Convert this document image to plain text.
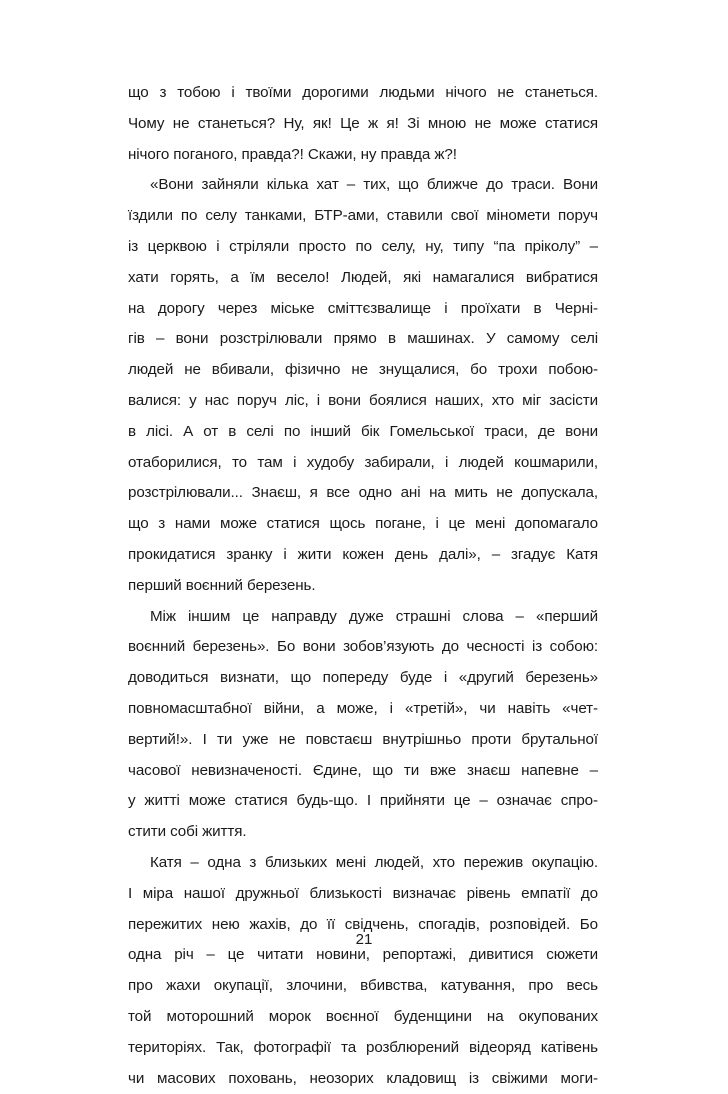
що з тобою і твоїми дорогими людьми нічого не станеться.
Чому не станеться? Ну, як! Це ж я! Зі мною не може статися
нічого поганого, правда?! Скажи, ну правда ж?!
«Вони зайняли кілька хат – тих, що ближче до траси. Вони
їздили по селу танками, БТР-ами, ставили свої міномети поруч
із церквою і стріляли просто по селу, ну, типу “па пріколу” –
хати горять, а їм весело! Людей, які намагалися вибратися
на дорогу через міське сміттєзвалище і проїхати в Черні-
гів – вони розстрілювали прямо в машинах. У самому селі
людей не вбивали, фізично не знущалися, бо трохи побою-
валися: у нас поруч ліс, і вони боялися наших, хто міг засісти
в лісі. А от в селі по інший бік Гомельської траси, де вони
отаборилися, то там і худобу забирали, і людей кошмарили,
розстрілювали... Знаєш, я все одно ані на мить не допускала,
що з нами може статися щось погане, і це мені допомагало
прокидатися зранку і жити кожен день далі», – згадує Катя
перший воєнний березень.
Між іншим це направду дуже страшні слова – «перший
воєнний березень». Бо вони зобов’язують до чесності із собою:
доводиться визнати, що попереду буде і «другий березень»
повномасштабної війни, а може, і «третій», чи навіть «чет-
вертий!». І ти уже не повстаєш внутрішньо проти брутальної
часової невизначеності. Єдине, що ти вже знаєш напевне –
у житті може статися будь-що. І прийняти це – означає спро-
стити собі життя.
Катя – одна з близьких мені людей, хто пережив окупацію.
І міра нашої дружньої близькості визначає рівень емпатії до
пережитих нею жахів, до її свідчень, спогадів, розповідей. Бо
одна річ – це читати новини, репортажі, дивитися сюжети
про жахи окупації, злочини, вбивства, катування, про весь
той моторошний морок воєнної буденщини на окупованих
територіях. Так, фотографії та розблюрений відеоряд катівень
чи масових поховань, неозорих кладовищ із свіжими моги-
21
